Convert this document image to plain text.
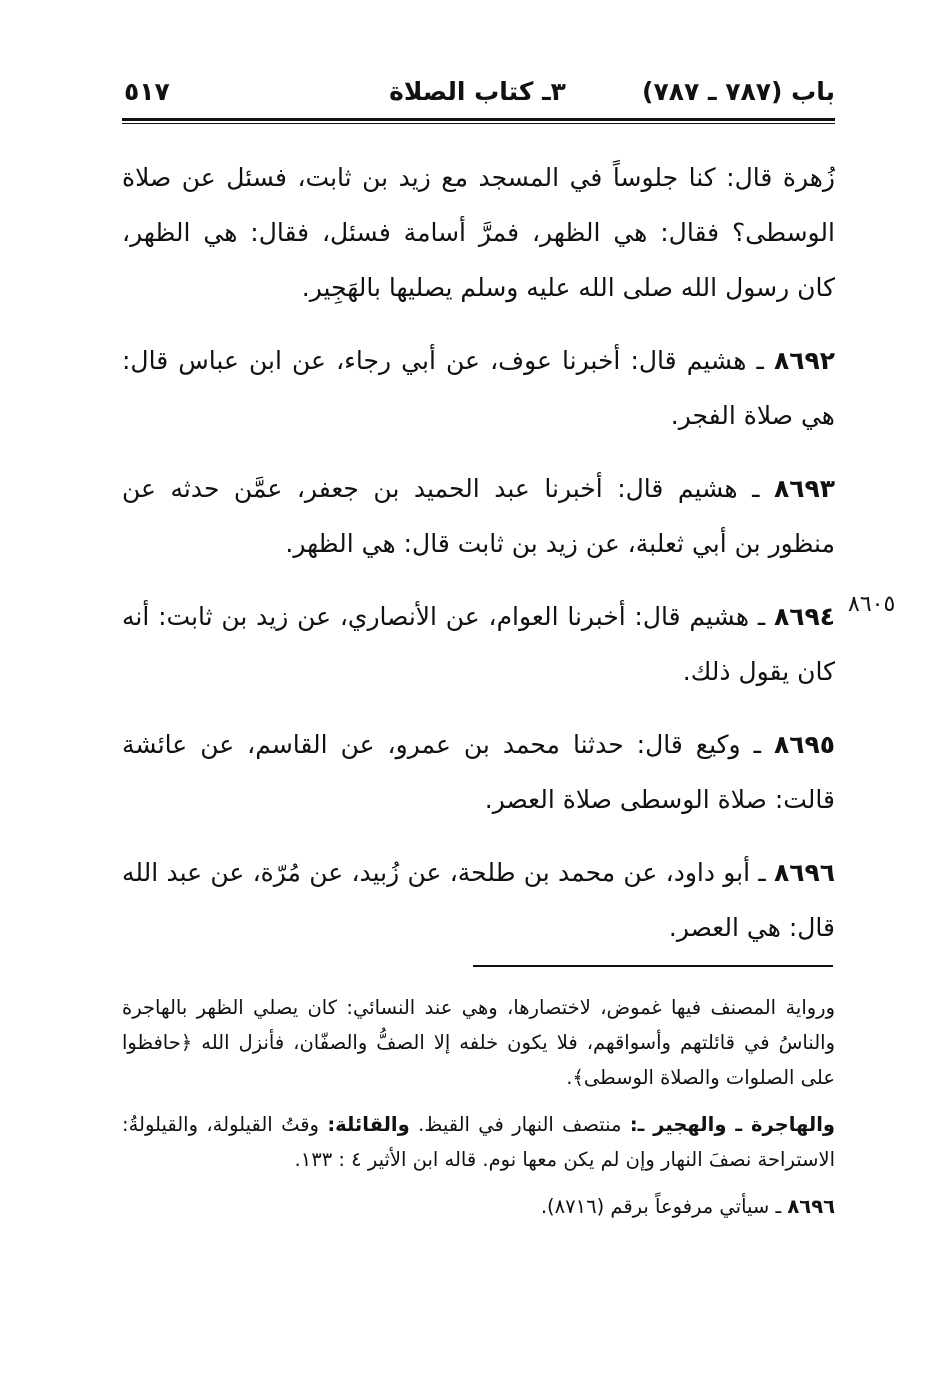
باب (٧٨٧ ـ ٧٨٧)
٣ـ كتاب الصلاة
٥١٧
٨٦٠٥

زُهرة قال: كنا جلوساً في المسجد مع زيد بن ثابت، فسئل عن صلاة الوسطى؟ فقال: هي الظهر، فمرَّ أسامة فسئل، فقال: هي الظهر، كان رسول الله صلى الله عليه وسلم يصليها بالهَجِير.

٨٦٩٢ ـ هشيم قال: أخبرنا عوف، عن أبي رجاء، عن ابن عباس قال: هي صلاة الفجر.

٨٦٩٣ ـ هشيم قال: أخبرنا عبد الحميد بن جعفر، عمَّن حدثه عن منظور بن أبي ثعلبة، عن زيد بن ثابت قال: هي الظهر.

٨٦٩٤ ـ هشيم قال: أخبرنا العوام، عن الأنصاري، عن زيد بن ثابت: أنه كان يقول ذلك.

٨٦٩٥ ـ وكيع قال: حدثنا محمد بن عمرو، عن القاسم، عن عائشة قالت: صلاة الوسطى صلاة العصر.

٨٦٩٦ ـ أبو داود، عن محمد بن طلحة، عن زُبيد، عن مُرّة، عن عبد الله قال: هي العصر.

ورواية المصنف فيها غموض، لاختصارها، وهي عند النسائي: كان يصلي الظهر بالهاجرة والناسُ في قائلتهم وأسواقهم، فلا يكون خلفه إلا الصفُّ والصفّان، فأنزل الله ﴿حافظوا على الصلوات والصلاة الوسطى﴾.

والهاجرة ـ والهجير ـ: منتصف النهار في القيظ. والقائلة: وقتُ القيلولة، والقيلولةُ: الاستراحة نصفَ النهار وإن لم يكن معها نوم. قاله ابن الأثير ٤ : ١٣٣.

٨٦٩٦ ـ سيأتي مرفوعاً برقم (٨٧١٦).
